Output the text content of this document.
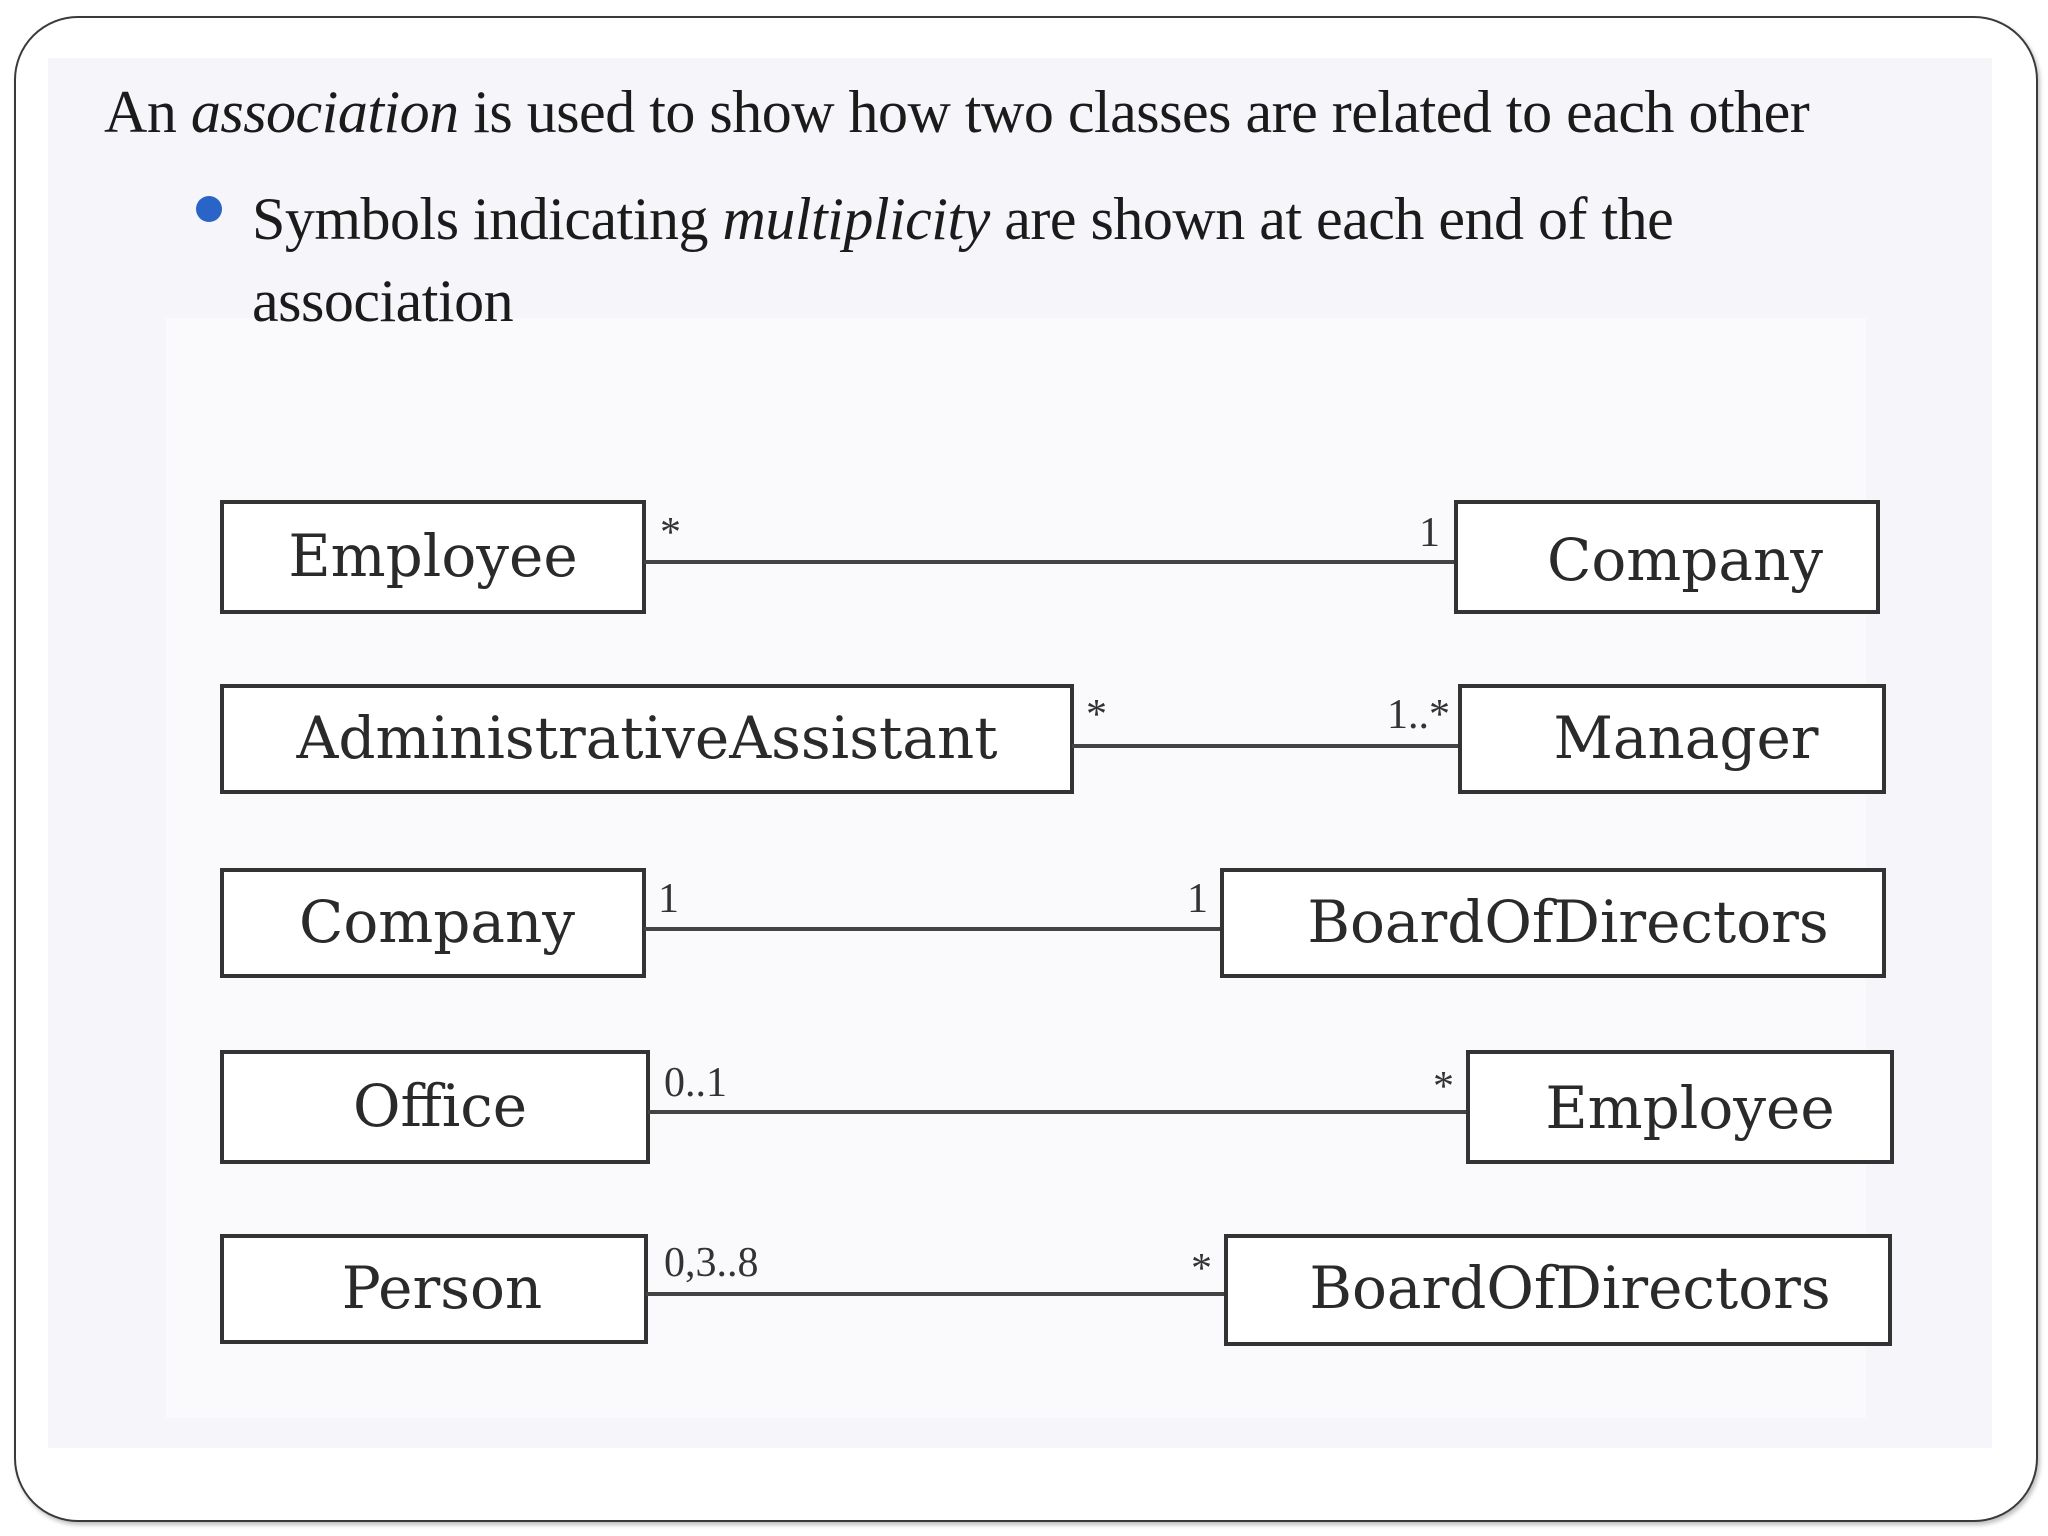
An association is used to show how two classes are related to each other
Symbols indicating multiplicity are shown at each end of the association
Employee *	1 Company
AdministrativeAssistant *	1..* Manager
Company 1	1 BoardOfDirectors
Office	0..1	* Employee
Person	0,3..8	* BoardOfDirectors
